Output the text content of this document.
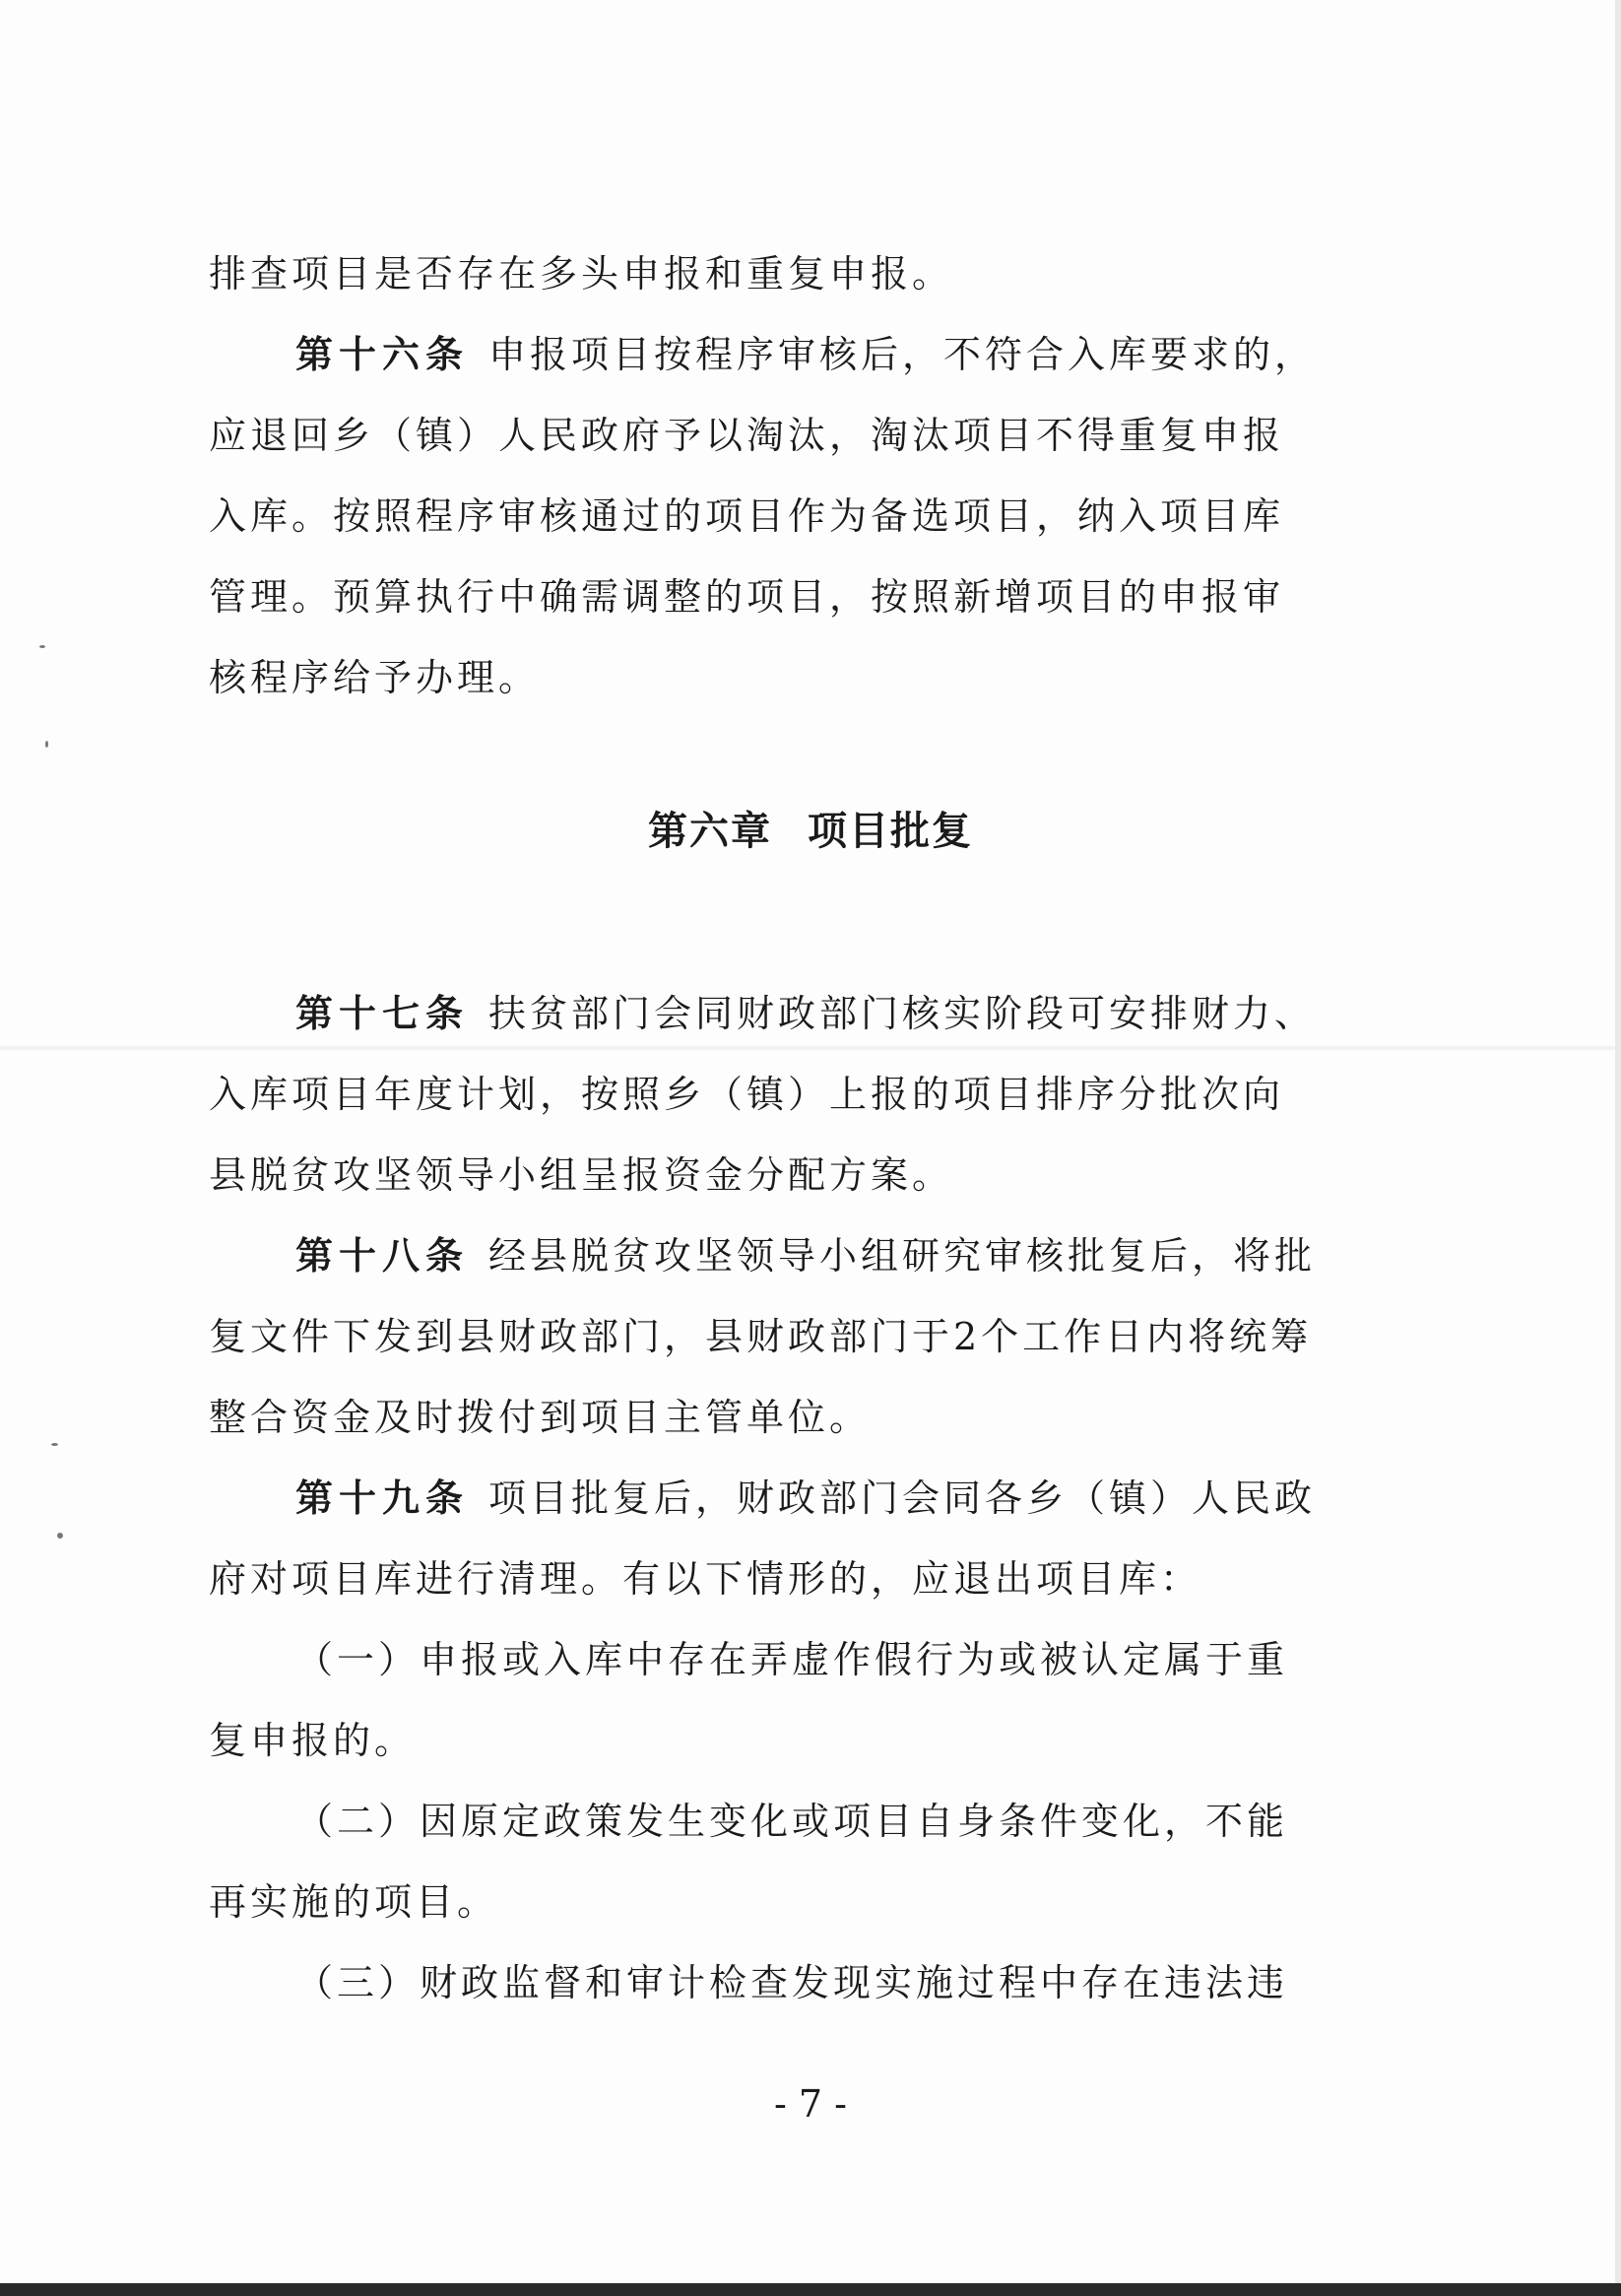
排查项目是否存在多头申报和重复申报。
第十六条 申报项目按程序审核后，不符合入库要求的，
应退回乡（镇）人民政府予以淘汰，淘汰项目不得重复申报
入库。按照程序审核通过的项目作为备选项目，纳入项目库
管理。预算执行中确需调整的项目，按照新增项目的申报审
核程序给予办理。
第六章 项目批复
第十七条 扶贫部门会同财政部门核实阶段可安排财力、
入库项目年度计划，按照乡（镇）上报的项目排序分批次向
县脱贫攻坚领导小组呈报资金分配方案。
第十八条 经县脱贫攻坚领导小组研究审核批复后，将批
复文件下发到县财政部门，县财政部门于2个工作日内将统筹
整合资金及时拨付到项目主管单位。
第十九条 项目批复后，财政部门会同各乡（镇）人民政
府对项目库进行清理。有以下情形的，应退出项目库：
（一）申报或入库中存在弄虚作假行为或被认定属于重
复申报的。
（二）因原定政策发生变化或项目自身条件变化，不能
再实施的项目。
（三）财政监督和审计检查发现实施过程中存在违法违
- 7 -
